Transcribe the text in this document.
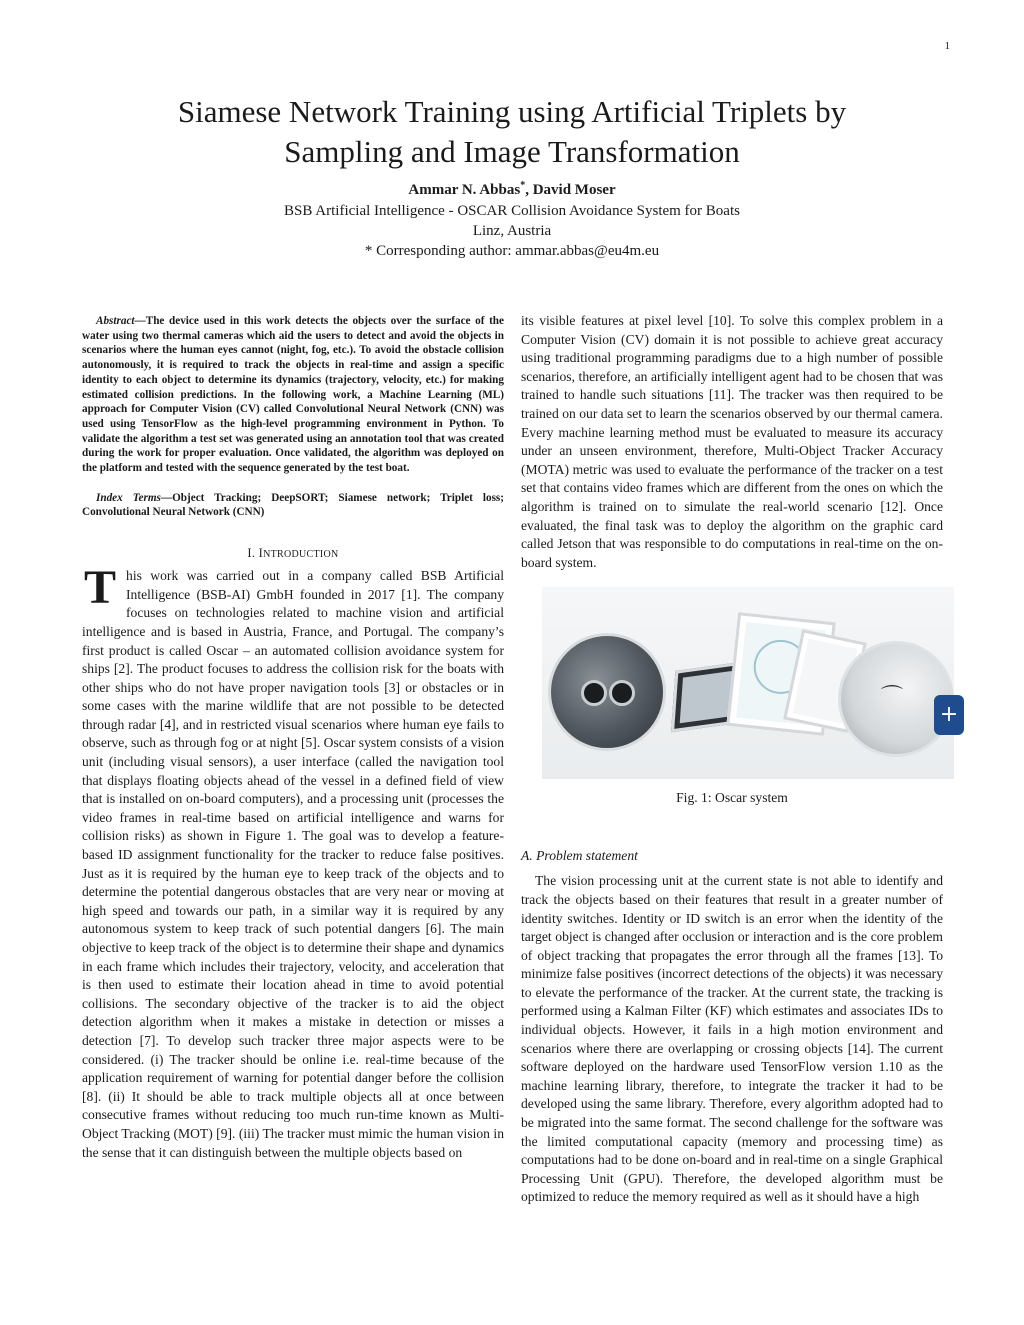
1
Siamese Network Training using Artificial Triplets by
Sampling and Image Transformation
Ammar N. Abbas*, David Moser
BSB Artificial Intelligence - OSCAR Collision Avoidance System for Boats
Linz, Austria
* Corresponding author: ammar.abbas@eu4m.eu

Abstract—The device used in this work detects the objects over the surface of the water using two thermal cameras which aid the users to detect and avoid the objects in scenarios where the human eyes cannot (night, fog, etc.). To avoid the obstacle collision autonomously, it is required to track the objects in real-time and assign a specific identity to each object to determine its dynamics (trajectory, velocity, etc.) for making estimated collision predictions. In the following work, a Machine Learning (ML) approach for Computer Vision (CV) called Convolutional Neural Network (CNN) was used using TensorFlow as the high-level programming environment in Python. To validate the algorithm a test set was generated using an annotation tool that was created during the work for proper evaluation. Once validated, the algorithm was deployed on the platform and tested with the sequence generated by the test boat.

Index Terms—Object Tracking; DeepSORT; Siamese network; Triplet loss; Convolutional Neural Network (CNN)

I. INTRODUCTION

This work was carried out in a company called BSB Artificial Intelligence (BSB-AI) GmbH founded in 2017 [1]. The company focuses on technologies related to machine vision and artificial intelligence and is based in Austria, France, and Portugal. The company’s first product is called Oscar – an automated collision avoidance system for ships [2]. The product focuses to address the collision risk for the boats with other ships who do not have proper navigation tools [3] or obstacles or in some cases with the marine wildlife that are not possible to be detected through radar [4], and in restricted visual scenarios where human eye fails to observe, such as through fog or at night [5]. Oscar system consists of a vision unit (including visual sensors), a user interface (called the navigation tool that displays floating objects ahead of the vessel in a defined field of view that is installed on on-board computers), and a processing unit (processes the video frames in real-time based on artificial intelligence and warns for collision risks) as shown in Figure 1. The goal was to develop a feature-based ID assignment functionality for the tracker to reduce false positives. Just as it is required by the human eye to keep track of the objects and to determine the potential dangerous obstacles that are very near or moving at high speed and towards our path, in a similar way it is required by any autonomous system to keep track of such potential dangers [6]. The main objective to keep track of the object is to determine their shape and dynamics in each frame which includes their trajectory, velocity, and acceleration that is then used to estimate their location ahead in time to avoid potential collisions. The secondary objective of the tracker is to aid the object detection algorithm when it makes a mistake in detection or misses a detection [7]. To develop such tracker three major aspects were to be considered. (i) The tracker should be online i.e. real-time because of the application requirement of warning for potential danger before the collision [8]. (ii) It should be able to track multiple objects all at once between consecutive frames without reducing too much run-time known as Multi-Object Tracking (MOT) [9]. (iii) The tracker must mimic the human vision in the sense that it can distinguish between the multiple objects based on

its visible features at pixel level [10]. To solve this complex problem in a Computer Vision (CV) domain it is not possible to achieve great accuracy using traditional programming paradigms due to a high number of possible scenarios, therefore, an artificially intelligent agent had to be chosen that was trained to handle such situations [11]. The tracker was then required to be trained on our data set to learn the scenarios observed by our thermal camera. Every machine learning method must be evaluated to measure its accuracy under an unseen environment, therefore, Multi-Object Tracker Accuracy (MOTA) metric was used to evaluate the performance of the tracker on a test set that contains video frames which are different from the ones on which the algorithm is trained on to simulate the real-world scenario [12]. Once evaluated, the final task was to deploy the algorithm on the graphic card called Jetson that was responsible to do computations in real-time on the on-board system.

⌒
+

Fig. 1: Oscar system

A. Problem statement

The vision processing unit at the current state is not able to identify and track the objects based on their features that result in a greater number of identity switches. Identity or ID switch is an error when the identity of the target object is changed after occlusion or interaction and is the core problem of object tracking that propagates the error through all the frames [13]. To minimize false positives (incorrect detections of the objects) it was necessary to elevate the performance of the tracker. At the current state, the tracking is performed using a Kalman Filter (KF) which estimates and associates IDs to individual objects. However, it fails in a high motion environment and scenarios where there are overlapping or crossing objects [14]. The current software deployed on the hardware used TensorFlow version 1.10 as the machine learning library, therefore, to integrate the tracker it had to be developed using the same library. Therefore, every algorithm adopted had to be migrated into the same format. The second challenge for the software was the limited computational capacity (memory and processing time) as computations had to be done on-board and in real-time on a single Graphical Processing Unit (GPU). Therefore, the developed algorithm must be optimized to reduce the memory required as well as it should have a high
